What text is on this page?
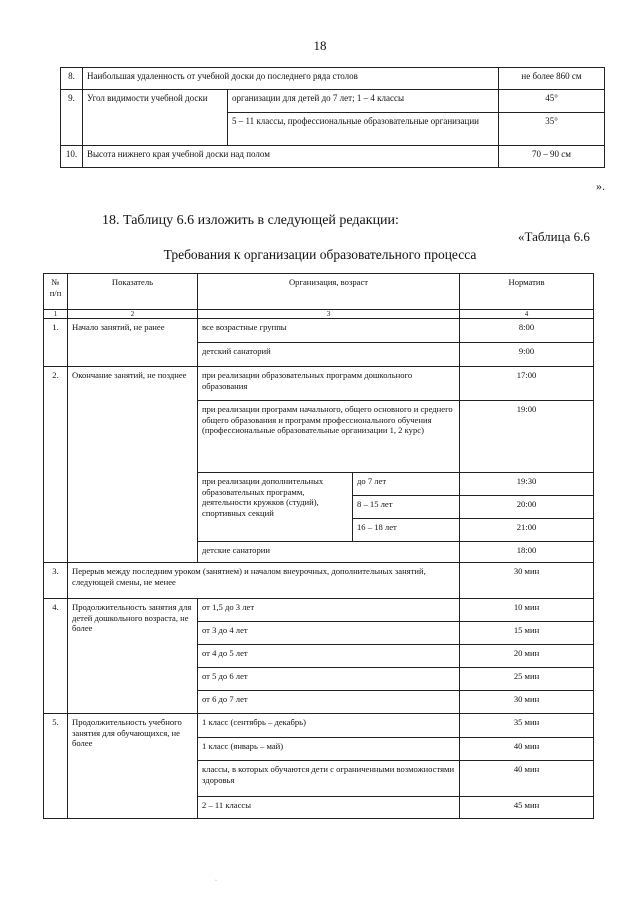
18
8.	Наибольшая удаленность от учебной доски до последнего ряда столов		не более 860 см
9.	Угол видимости учебной доски	организации для детей до 7 лет; 1 – 4 классы	45°
		5 – 11 классы, профессиональные образовательные организации	35°
10.	Высота нижнего края учебной доски над полом		70 – 90 см
».
18. Таблицу 6.6 изложить в следующей редакции:
«Таблица 6.6
Требования к организации образовательного процесса
№ п/п	Показатель	Организация, возраст		Норматив
1	2	3		4
1.	Начало занятий, не ранее	все возрастные группы		8:00
		детский санаторий		9:00
2.	Окончание занятий, не позднее	при реализации образовательных программ дошкольного образования		17:00
		при реализации программ начального, общего основного и среднего общего образования и программ профессионального обучения (профессиональные образовательные организации 1, 2 курс)		19:00
		при реализации дополнительных образовательных программ, деятельности кружков (студий), спортивных секций	до 7 лет	19:30
			8 – 15 лет	20:00
			16 – 18 лет	21:00
		детские санатории		18:00
3.	Перерыв между последним уроком (занятием) и началом внеурочных, дополнительных занятий, следующей смены, не менее			30 мин
4.	Продолжительность занятия для детей дошкольного возраста, не более	от 1,5 до 3 лет		10 мин
		от 3 до 4 лет		15 мин
		от 4 до 5 лет		20 мин
		от 5 до 6 лет		25 мин
		от 6 до 7 лет		30 мин
5.	Продолжительность учебного занятия для обучающихся, не более	1 класс (сентябрь – декабрь)		35 мин
		1 класс (январь – май)		40 мин
		классы, в которых обучаются дети с ограниченными возможностями здоровья		40 мин
		2 – 11 классы		45 мин
·
